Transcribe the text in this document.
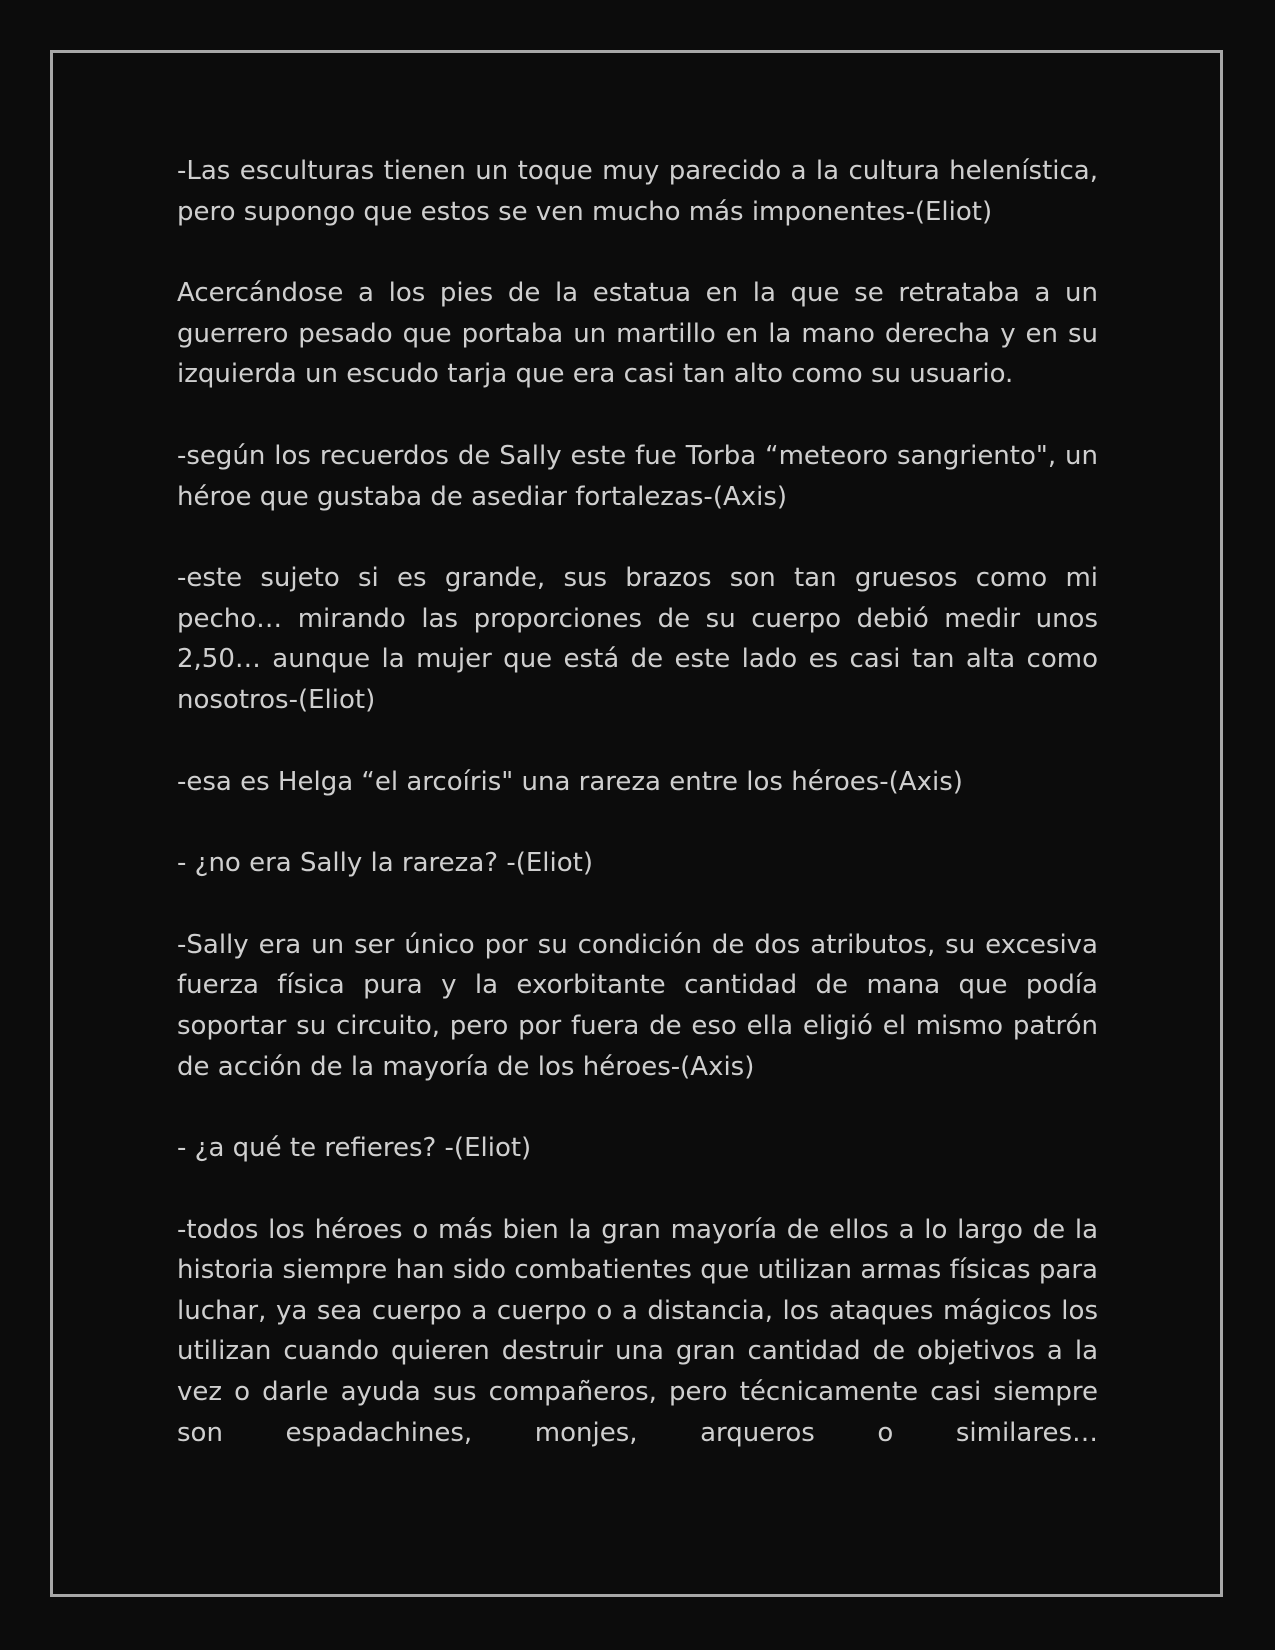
-Las esculturas tienen un toque muy parecido a la cultura helenística, pero supongo que estos se ven mucho más imponentes-(Eliot)

Acercándose a los pies de la estatua en la que se retrataba a un guerrero pesado que portaba un martillo en la mano derecha y en su izquierda un escudo tarja que era casi tan alto como su usuario.

-según los recuerdos de Sally este fue Torba “meteoro sangriento", un héroe que gustaba de asediar fortalezas-(Axis)

-este sujeto si es grande, sus brazos son tan gruesos como mi pecho… mirando las proporciones de su cuerpo debió medir unos 2,50… aunque la mujer que está de este lado es casi tan alta como nosotros-(Eliot)

-esa es Helga “el arcoíris" una rareza entre los héroes-(Axis)

- ¿no era Sally la rareza? -(Eliot)

-Sally era un ser único por su condición de dos atributos, su excesiva fuerza física pura y la exorbitante cantidad de mana que podía soportar su circuito, pero por fuera de eso ella eligió el mismo patrón de acción de la mayoría de los héroes-(Axis)

- ¿a qué te refieres? -(Eliot)

-todos los héroes o más bien la gran mayoría de ellos a lo largo de la historia siempre han sido combatientes que utilizan armas físicas para luchar, ya sea cuerpo a cuerpo o a distancia, los ataques mágicos los utilizan cuando quieren destruir una gran cantidad de objetivos a la vez o darle ayuda sus compañeros, pero técnicamente casi siempre son espadachines, monjes, arqueros o similares…
